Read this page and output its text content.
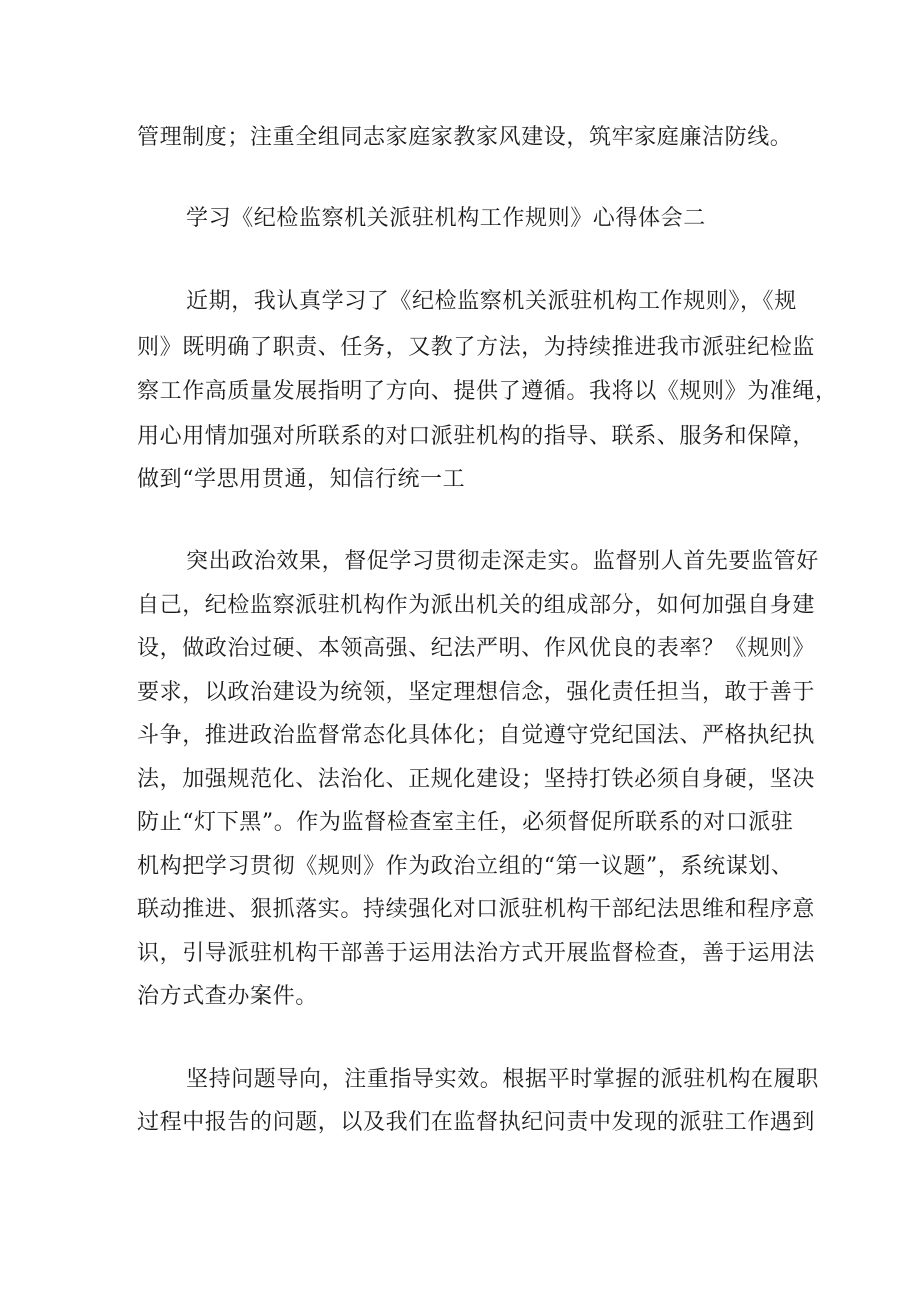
管理制度；注重全组同志家庭家教家风建设，筑牢家庭廉洁防线。
学习《纪检监察机关派驻机构工作规则》心得体会二
近期，我认真学习了《纪检监察机关派驻机构工作规则》，《规
则》既明确了职责、任务，又教了方法，为持续推进我市派驻纪检监
察工作高质量发展指明了方向、提供了遵循。我将以《规则》为准绳，
用心用情加强对所联系的对口派驻机构的指导、联系、服务和保障，
做到“学思用贯通，知信行统一工
突出政治效果，督促学习贯彻走深走实。监督别人首先要监管好
自己，纪检监察派驻机构作为派出机关的组成部分，如何加强自身建
设，做政治过硬、本领高强、纪法严明、作风优良的表率？《规则》
要求，以政治建设为统领，坚定理想信念，强化责任担当，敢于善于
斗争，推进政治监督常态化具体化；自觉遵守党纪国法、严格执纪执
法，加强规范化、法治化、正规化建设；坚持打铁必须自身硬，坚决
防止“灯下黑”。作为监督检查室主任，必须督促所联系的对口派驻
机构把学习贯彻《规则》作为政治立组的“第一议题”，系统谋划、
联动推进、狠抓落实。持续强化对口派驻机构干部纪法思维和程序意
识，引导派驻机构干部善于运用法治方式开展监督检查，善于运用法
治方式查办案件。
坚持问题导向，注重指导实效。根据平时掌握的派驻机构在履职
过程中报告的问题，以及我们在监督执纪问责中发现的派驻工作遇到
